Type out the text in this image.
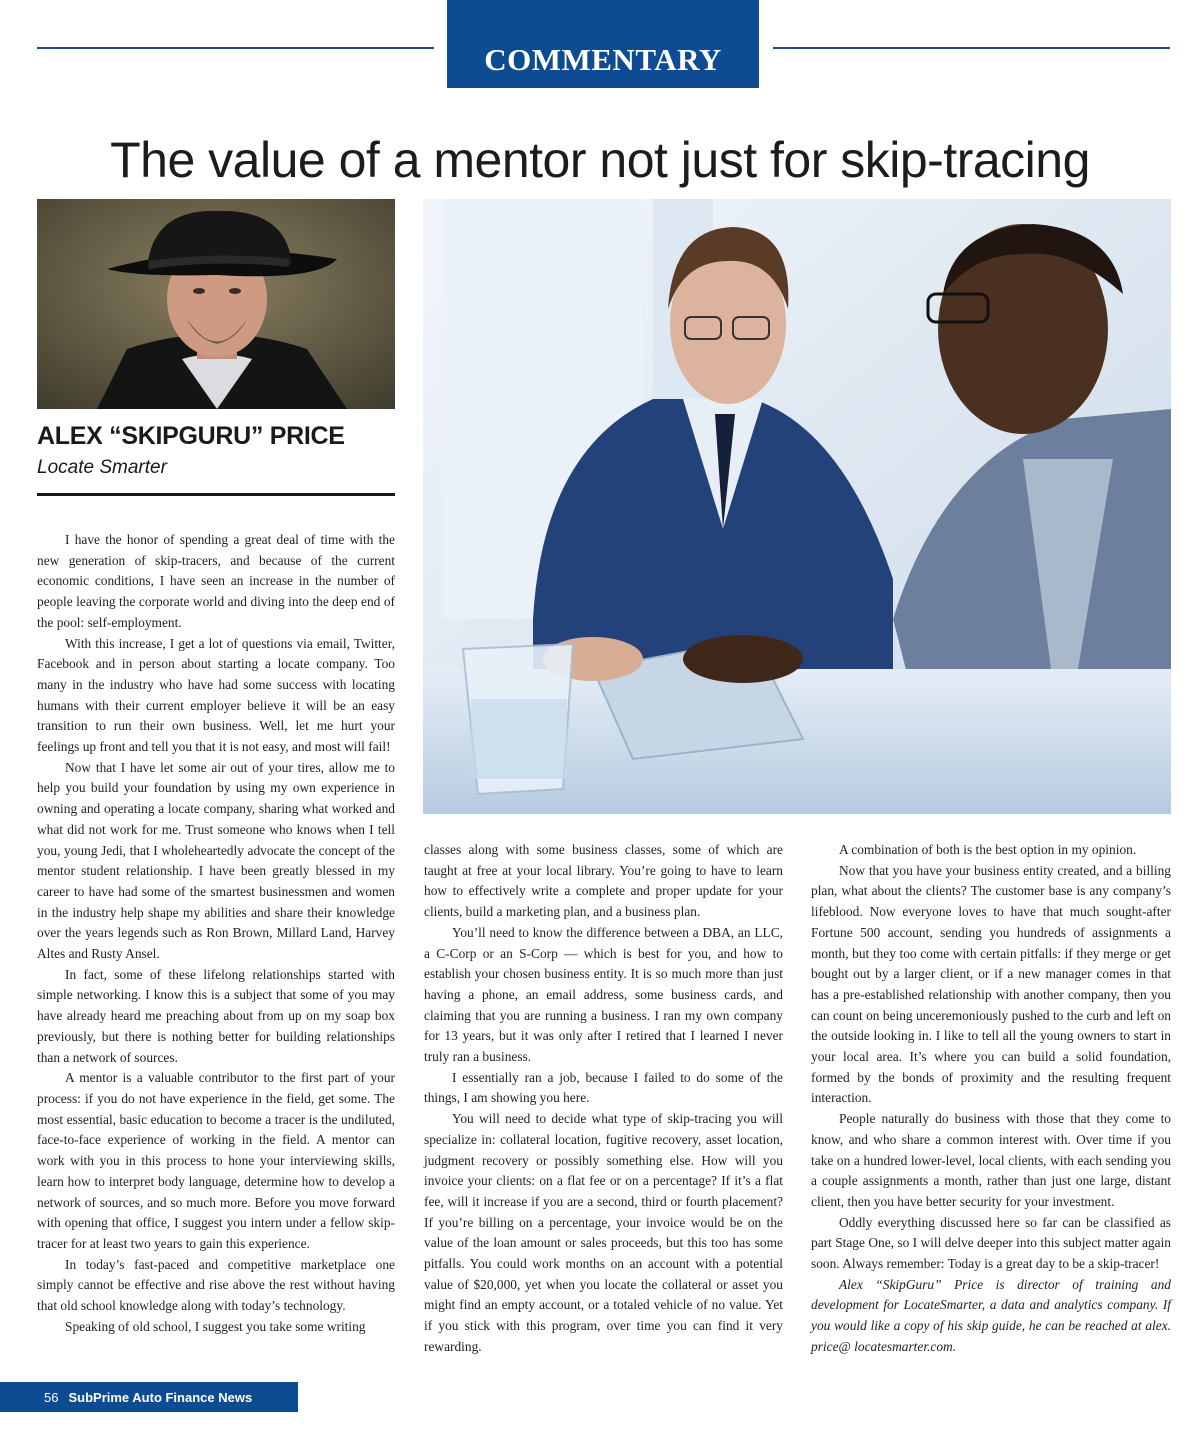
COMMENTARY
The value of a mentor not just for skip-tracing
ALEX “SKIPGURU” PRICE
Locate Smarter

I have the honor of spending a great deal of time with the new generation of skip-tracers, and because of the current economic conditions, I have seen an increase in the number of people leaving the corporate world and diving into the deep end of the pool: self-employment.

With this increase, I get a lot of questions via email, Twitter, Facebook and in person about starting a locate company. Too many in the industry who have had some success with locating humans with their current employer believe it will be an easy transition to run their own business. Well, let me hurt your feelings up front and tell you that it is not easy, and most will fail!

Now that I have let some air out of your tires, allow me to help you build your foundation by using my own experience in owning and operating a locate company, sharing what worked and what did not work for me. Trust someone who knows when I tell you, young Jedi, that I wholeheartedly advocate the concept of the mentor student relationship. I have been greatly blessed in my career to have had some of the smartest businessmen and women in the industry help shape my abilities and share their knowledge over the years legends such as Ron Brown, Millard Land, Harvey Altes and Rusty Ansel.

In fact, some of these lifelong relationships started with simple networking. I know this is a subject that some of you may have already heard me preaching about from up on my soap box previously, but there is nothing better for building relationships than a network of sources.

A mentor is a valuable contributor to the first part of your process: if you do not have experience in the field, get some. The most essential, basic education to become a tracer is the undiluted, face-to-face experience of working in the field. A mentor can work with you in this process to hone your interviewing skills, learn how to interpret body language, determine how to develop a network of sources, and so much more. Before you move forward with opening that office, I suggest you intern under a fellow skip-tracer for at least two years to gain this experience.

In today’s fast-paced and competitive marketplace one simply cannot be effective and rise above the rest without having that old school knowledge along with today’s technology.

Speaking of old school, I suggest you take some writing

classes along with some business classes, some of which are taught at free at your local library. You’re going to have to learn how to effectively write a complete and proper update for your clients, build a marketing plan, and a business plan.

You’ll need to know the difference between a DBA, an LLC, a C-Corp or an S-Corp — which is best for you, and how to establish your chosen business entity. It is so much more than just having a phone, an email address, some business cards, and claiming that you are running a business. I ran my own company for 13 years, but it was only after I retired that I learned I never truly ran a business.

I essentially ran a job, because I failed to do some of the things, I am showing you here.

You will need to decide what type of skip-tracing you will specialize in: collateral location, fugitive recovery, asset location, judgment recovery or possibly something else. How will you invoice your clients: on a flat fee or on a percentage? If it’s a flat fee, will it increase if you are a second, third or fourth placement? If you’re billing on a percentage, your invoice would be on the value of the loan amount or sales proceeds, but this too has some pitfalls. You could work months on an account with a potential value of $20,000, yet when you locate the collateral or asset you might find an empty account, or a totaled vehicle of no value. Yet if you stick with this program, over time you can find it very rewarding.

A combination of both is the best option in my opinion.

Now that you have your business entity created, and a billing plan, what about the clients? The customer base is any company’s lifeblood. Now everyone loves to have that much sought-after Fortune 500 account, sending you hundreds of assignments a month, but they too come with certain pitfalls: if they merge or get bought out by a larger client, or if a new manager comes in that has a pre-established relationship with another company, then you can count on being unceremoniously pushed to the curb and left on the outside looking in. I like to tell all the young owners to start in your local area. It’s where you can build a solid foundation, formed by the bonds of proximity and the resulting frequent interaction.

People naturally do business with those that they come to know, and who share a common interest with. Over time if you take on a hundred lower-level, local clients, with each sending you a couple assignments a month, rather than just one large, distant client, then you have better security for your investment.

Oddly everything discussed here so far can be classified as part Stage One, so I will delve deeper into this subject matter again soon. Always remember: Today is a great day to be a skip-tracer!

Alex “SkipGuru” Price is director of training and development for LocateSmarter, a data and analytics company. If you would like a copy of his skip guide, he can be reached at alex. price@ locatesmarter.com.

56 SubPrime Auto Finance News
